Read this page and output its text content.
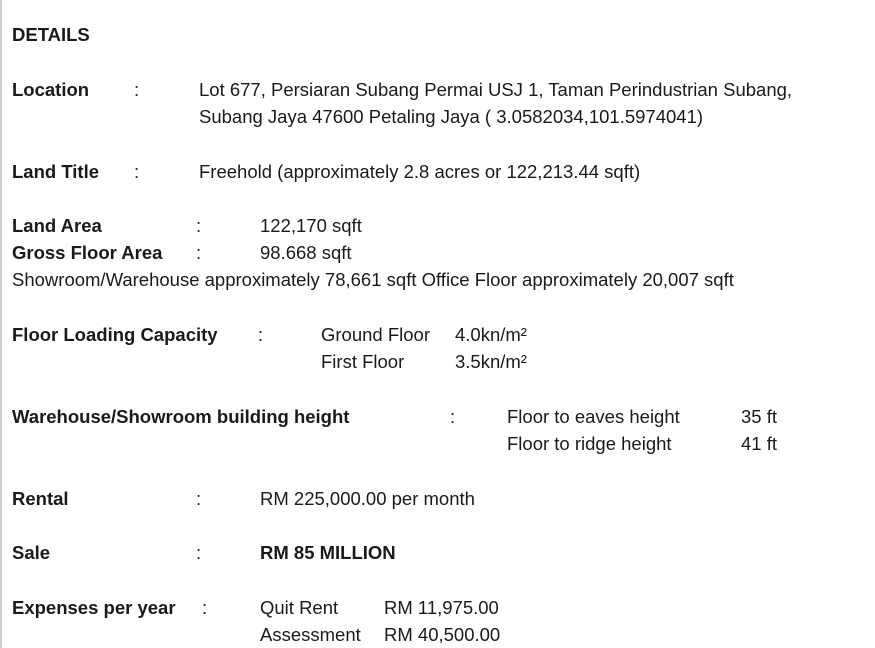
DETAILS
Location :	Lot 677, Persiaran Subang Permai USJ 1, Taman Perindustrian Subang,
Subang Jaya 47600 Petaling Jaya ( 3.0582034,101.5974041)
Land Title :	Freehold (approximately 2.8 acres or 122,213.44 sqft)
Land Area	:	122,170 sqft
Gross Floor Area :	98.668 sqft
Showroom/Warehouse approximately 78,661 sqft Office Floor approximately 20,007 sqft
Floor Loading Capacity :	Ground Floor 4.0kn/m²
First Floor	3.5kn/m²
Warehouse/Showroom building height	:	Floor to eaves height	35 ft
Floor to ridge height	41 ft
Rental	:	RM 225,000.00 per month
Sale	:	RM 85 MILLION
Expenses per year :	Quit Rent RM 11,975.00
Assessment RM 40,500.00
